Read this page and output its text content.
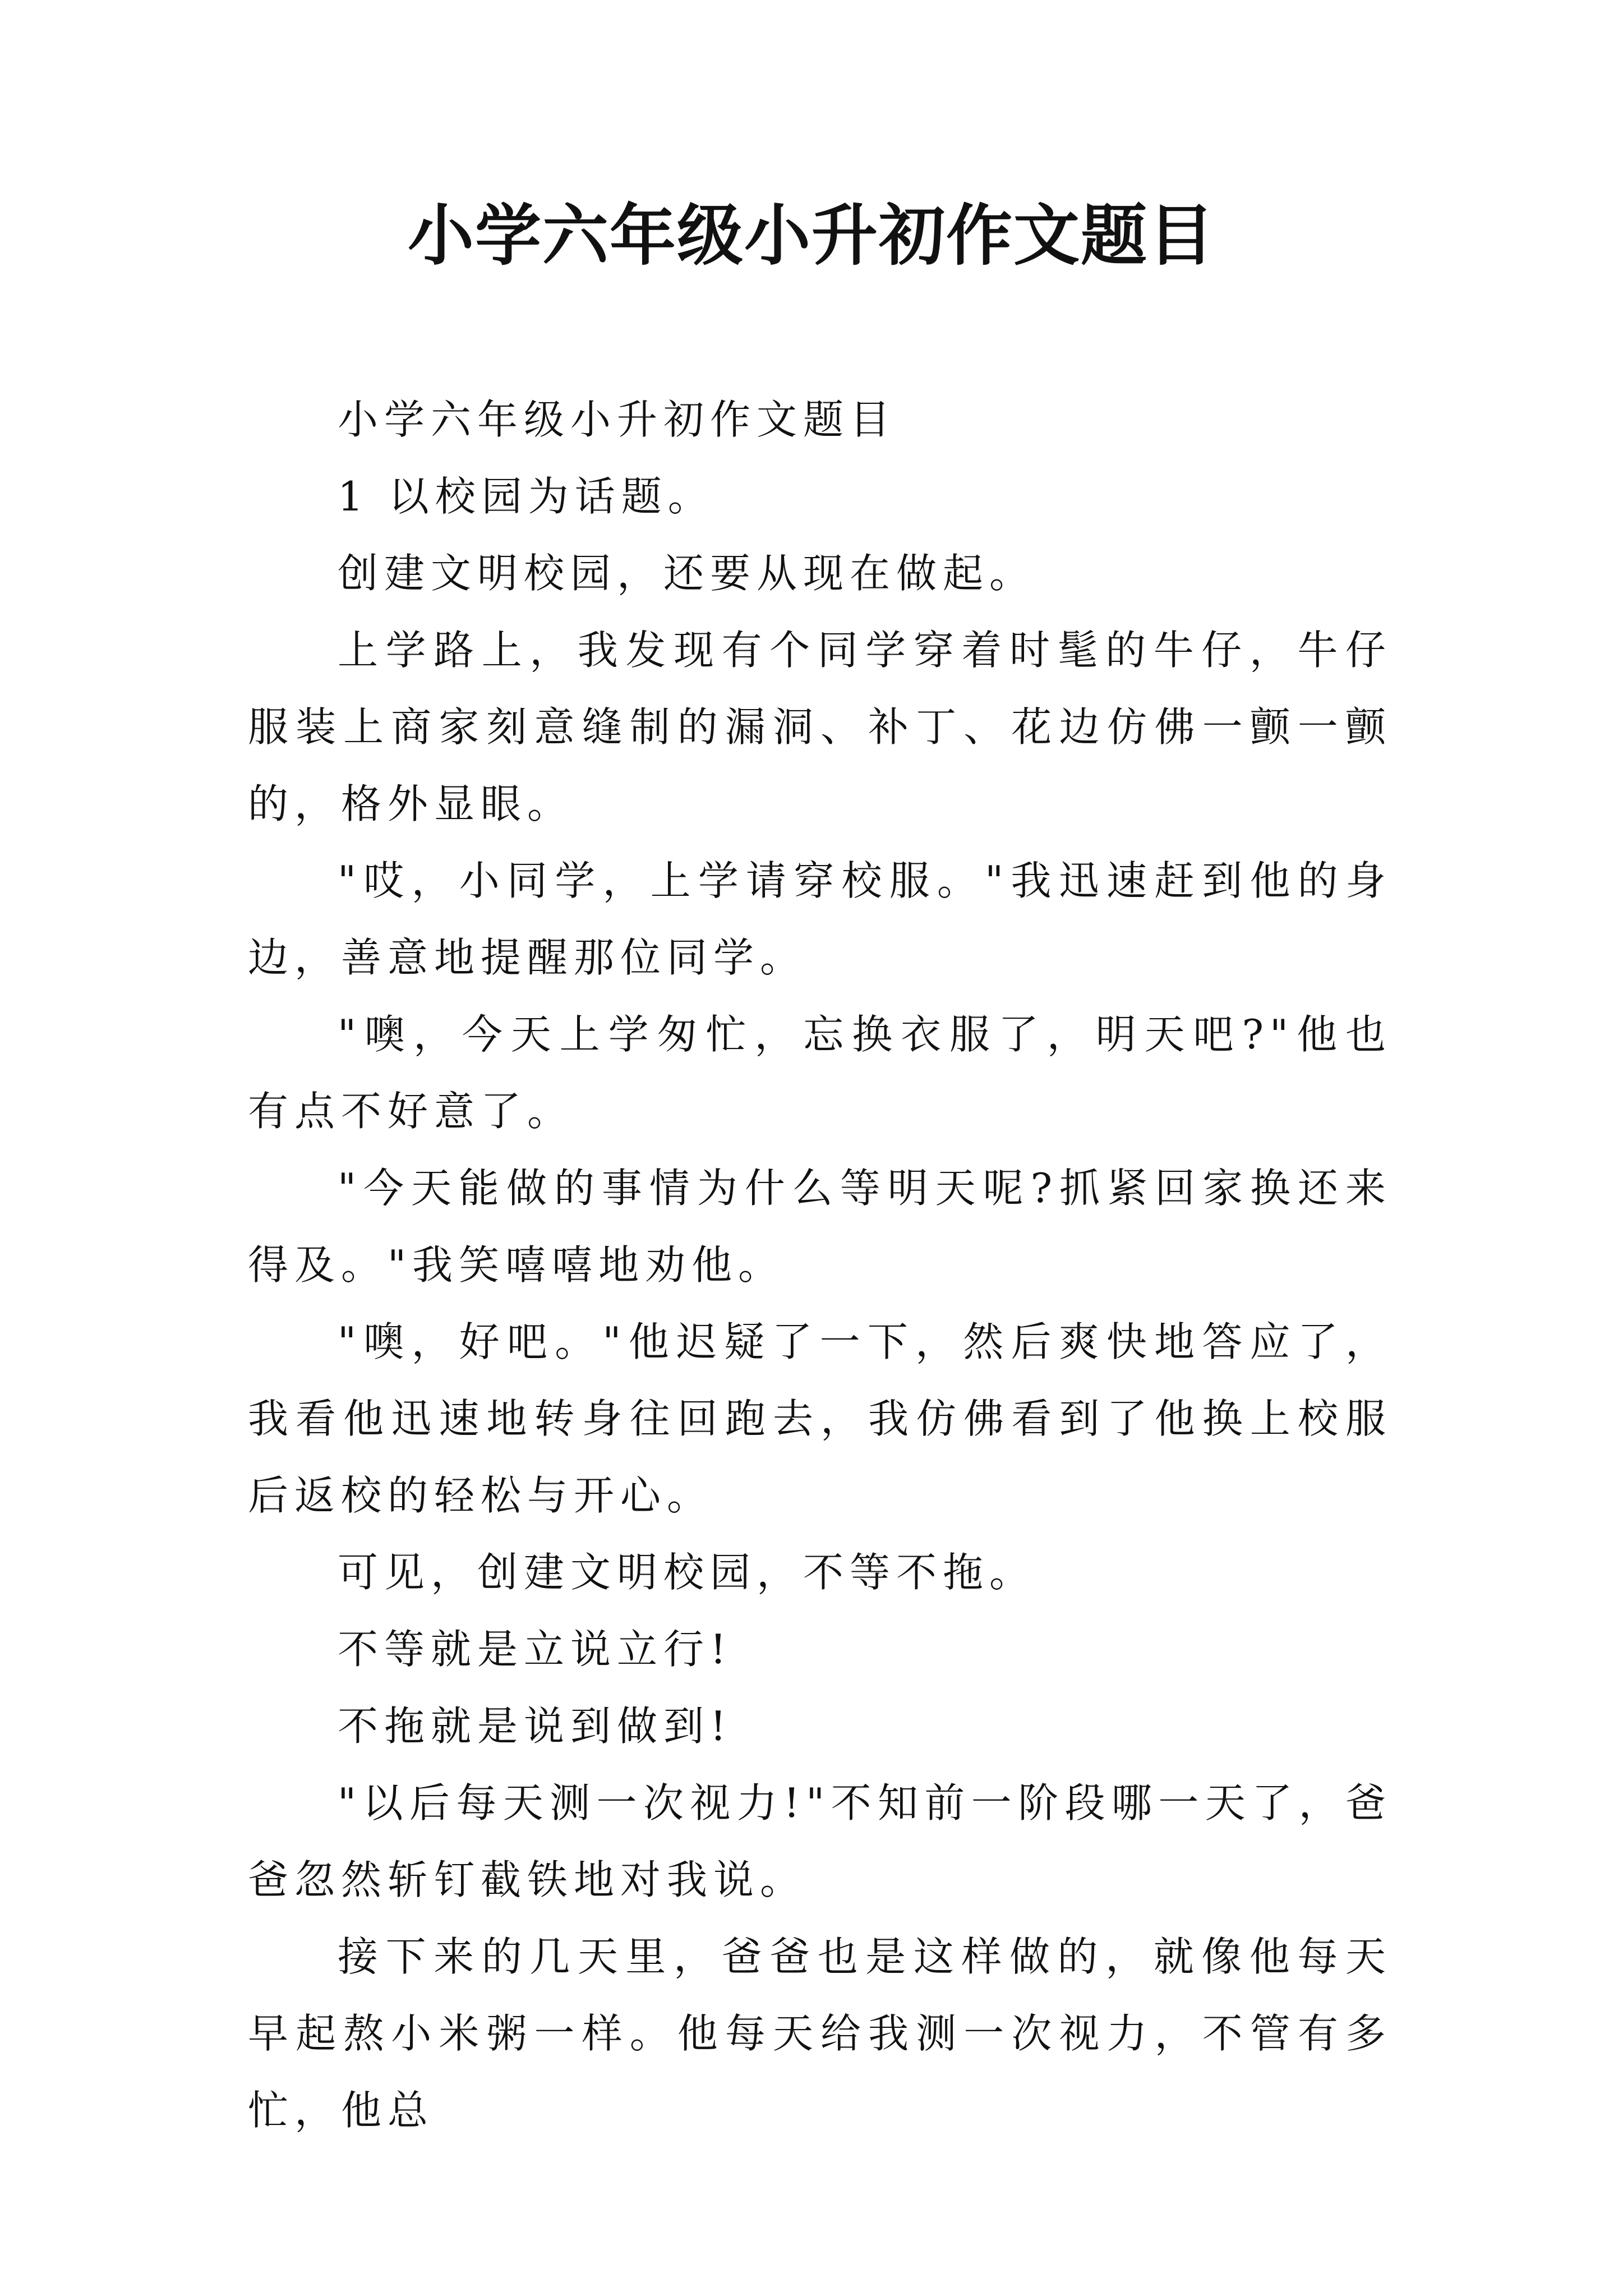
小学六年级小升初作文题目

小学六年级小升初作文题目

1 以校园为话题。

创建文明校园，还要从现在做起。

上学路上，我发现有个同学穿着时髦的牛仔，牛仔服装上商家刻意缝制的漏洞、补丁、花边仿佛一颤一颤的，格外显眼。

"哎，小同学，上学请穿校服。"我迅速赶到他的身边，善意地提醒那位同学。

"噢，今天上学匆忙，忘换衣服了，明天吧?"他也有点不好意了。

"今天能做的事情为什么等明天呢?抓紧回家换还来得及。"我笑嘻嘻地劝他。

"噢，好吧。"他迟疑了一下，然后爽快地答应了，我看他迅速地转身往回跑去，我仿佛看到了他换上校服后返校的轻松与开心。

可见，创建文明校园，不等不拖。

不等就是立说立行!

不拖就是说到做到!

"以后每天测一次视力!"不知前一阶段哪一天了，爸爸忽然斩钉截铁地对我说。

接下来的几天里，爸爸也是这样做的，就像他每天早起熬小米粥一样。他每天给我测一次视力，不管有多忙，他总
